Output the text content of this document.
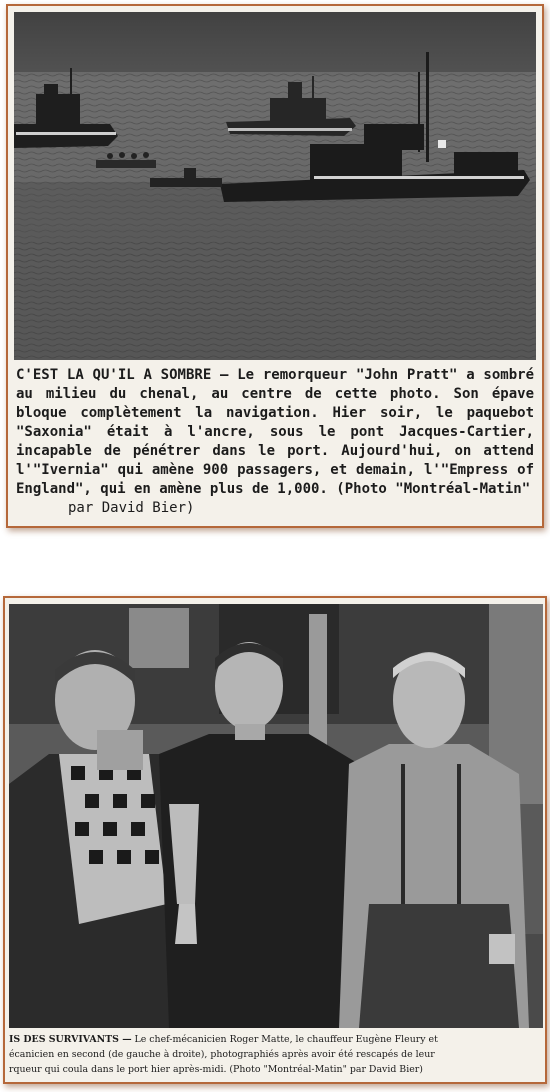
C'EST LA QU'IL A SOMBRE — Le remorqueur "John Pratt" a sombré au milieu du chenal, au centre de cette photo. Son épave bloque complètement la navigation. Hier soir, le paquebot "Saxonia" était à l'ancre, sous le pont Jacques-Cartier, incapable de pénétrer dans le port. Aujourd'hui, on attend l'"Ivernia" qui amène 900 passagers, et demain, l'"Empress of England", qui en amène plus de 1,000. (Photo "Montréal-Matin"
par David Bier)
IS DES SURVIVANTS — Le chef-mécanicien Roger Matte, le chauffeur Eugène Fleury et
écanicien en second (de gauche à droite), photographiés après avoir été rescapés de leur
rqueur qui coula dans le port hier après-midi. (Photo "Montréal-Matin" par David Bier)
